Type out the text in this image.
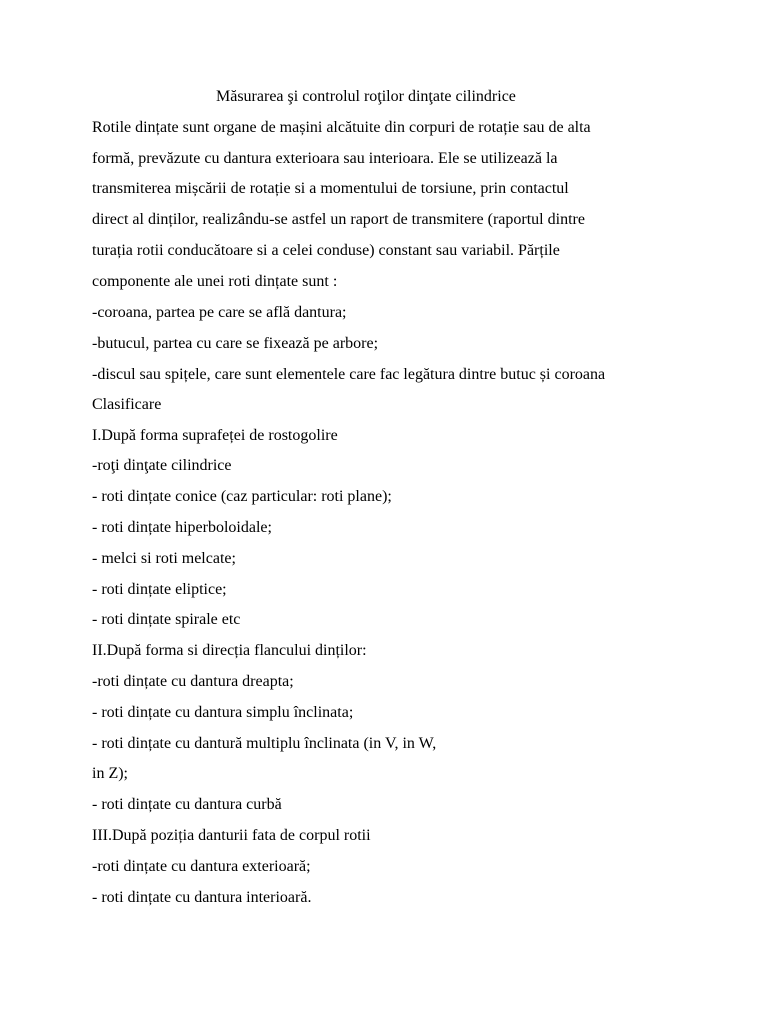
Măsurarea şi controlul roţilor dinţate cilindrice
Rotile dințate sunt organe de mașini alcătuite din corpuri de rotație sau de alta
formă, prevăzute cu dantura exterioara sau interioara. Ele se utilizează la
transmiterea mișcării de rotație si a momentului de torsiune, prin contactul
direct al dinților, realizându-se astfel un raport de transmitere (raportul dintre
turația rotii conducătoare si a celei conduse) constant sau variabil. Părțile
componente ale unei roti dințate sunt :
-coroana, partea pe care se află dantura;
-butucul, partea cu care se fixează pe arbore;
-discul sau spițele, care sunt elementele care fac legătura dintre butuc și coroana
Clasificare
I.După forma suprafeței de rostogolire
-roţi dinţate cilindrice
- roti dințate conice (caz particular: roti plane);
- roti dințate hiperboloidale;
- melci si roti melcate;
- roti dințate eliptice;
- roti dințate spirale etc
II.După forma si direcția flancului dinților:
-roti dințate cu dantura dreapta;
- roti dințate cu dantura simplu înclinata;
- roti dințate cu dantură multiplu înclinata (in V, in W,
in Z);
- roti dințate cu dantura curbă
III.După poziția danturii fata de corpul rotii
-roti dințate cu dantura exterioară;
- roti dințate cu dantura interioară.
